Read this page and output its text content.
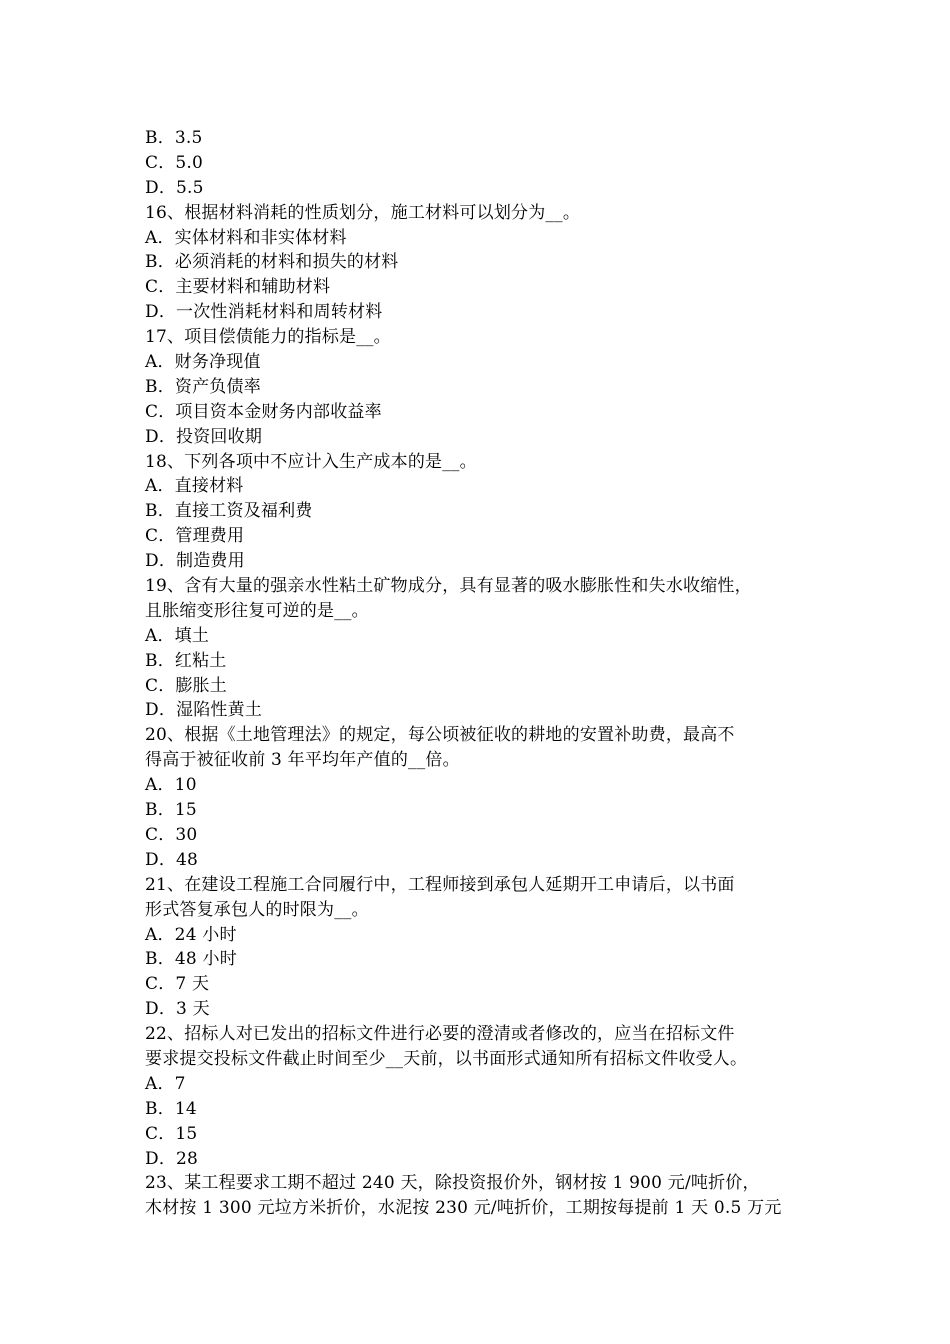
B．3.5
C．5.0
D．5.5
16、根据材料消耗的性质划分，施工材料可以划分为__。
A．实体材料和非实体材料
B．必须消耗的材料和损失的材料
C．主要材料和辅助材料
D．一次性消耗材料和周转材料
17、项目偿债能力的指标是__。
A．财务净现值
B．资产负债率
C．项目资本金财务内部收益率
D．投资回收期
18、下列各项中不应计入生产成本的是__。
A．直接材料
B．直接工资及福利费
C．管理费用
D．制造费用
19、含有大量的强亲水性粘土矿物成分，具有显著的吸水膨胀性和失水收缩性，
且胀缩变形往复可逆的是__。
A．填土
B．红粘土
C．膨胀土
D．湿陷性黄土
20、根据《土地管理法》的规定，每公顷被征收的耕地的安置补助费，最高不
得高于被征收前 3 年平均年产值的__倍。
A．10
B．15
C．30
D．48
21、在建设工程施工合同履行中，工程师接到承包人延期开工申请后，以书面
形式答复承包人的时限为__。
A．24 小时
B．48 小时
C．7 天
D．3 天
22、招标人对已发出的招标文件进行必要的澄清或者修改的，应当在招标文件
要求提交投标文件截止时间至少__天前，以书面形式通知所有招标文件收受人。
A．7
B．14
C．15
D．28
23、某工程要求工期不超过 240 天，除投资报价外，钢材按 1 900 元/吨折价，
木材按 1 300 元垃方米折价，水泥按 230 元/吨折价，工期按每提前 1 天 0.5 万元
